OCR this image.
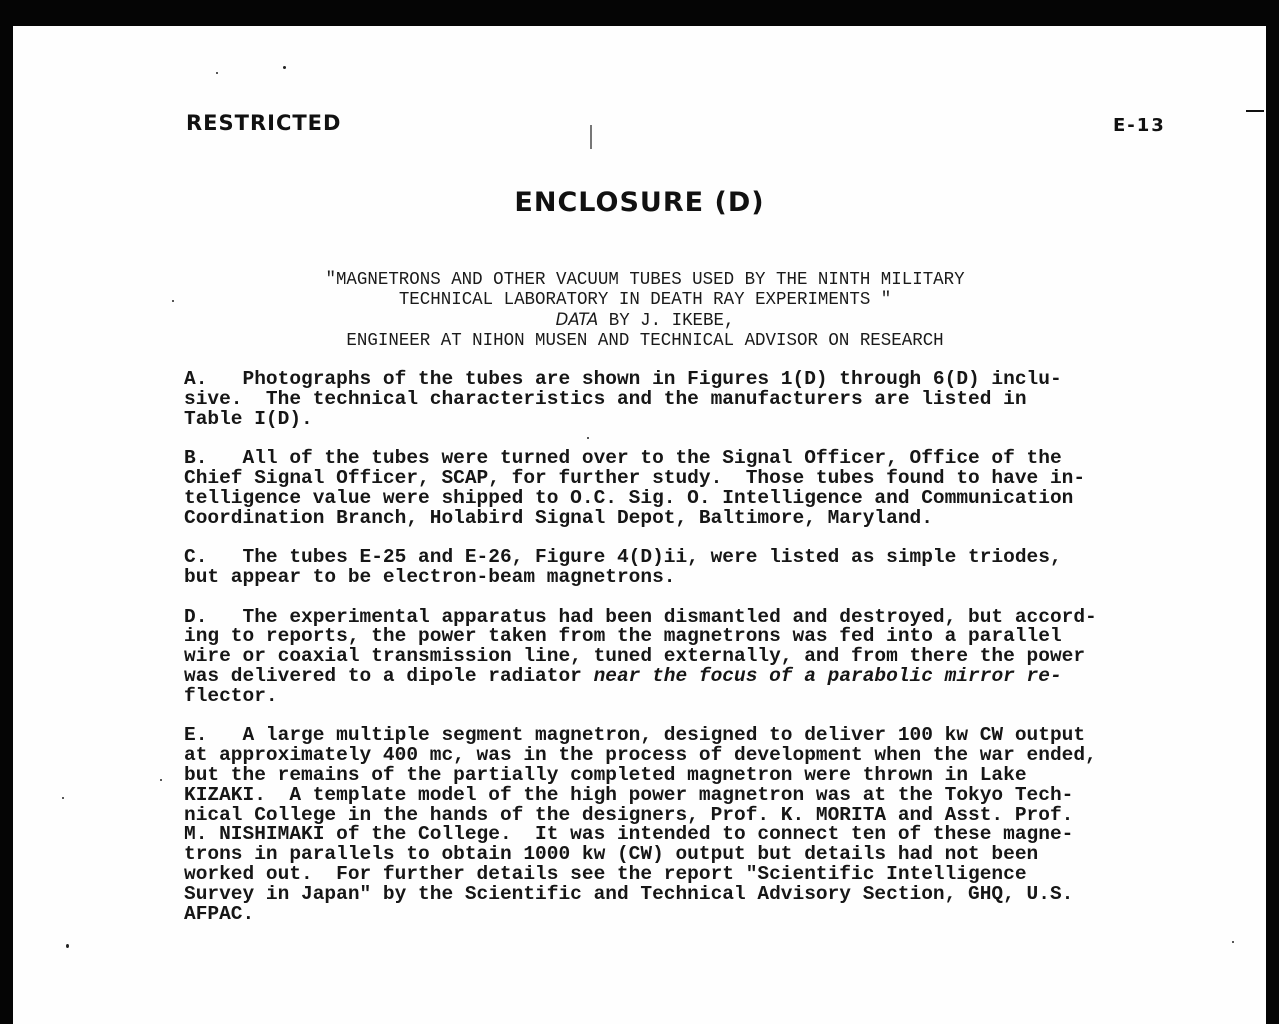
RESTRICTED	E-13
ENCLOSURE (D)
"MAGNETRONS AND OTHER VACUUM TUBES USED BY THE NINTH MILITARY
TECHNICAL LABORATORY IN DEATH RAY EXPERIMENTS "
DATA BY J. IKEBE,
ENGINEER AT NIHON MUSEN AND TECHNICAL ADVISOR ON RESEARCH
A.   Photographs of the tubes are shown in Figures 1(D) through 6(D) inclu-
sive.  The technical characteristics and the manufacturers are listed in
Table I(D).
B.   All of the tubes were turned over to the Signal Officer, Office of the
Chief Signal Officer, SCAP, for further study.  Those tubes found to have in-
telligence value were shipped to O.C. Sig. O. Intelligence and Communication
Coordination Branch, Holabird Signal Depot, Baltimore, Maryland.
C.   The tubes E-25 and E-26, Figure 4(D)ii, were listed as simple triodes,
but appear to be electron-beam magnetrons.
D.   The experimental apparatus had been dismantled and destroyed, but accord-
ing to reports, the power taken from the magnetrons was fed into a parallel
wire or coaxial transmission line, tuned externally, and from there the power
was delivered to a dipole radiator near the focus of a parabolic mirror re-
flector.
E.   A large multiple segment magnetron, designed to deliver 100 kw CW output
at approximately 400 mc, was in the process of development when the war ended,
but the remains of the partially completed magnetron were thrown in Lake
KIZAKI.  A template model of the high power magnetron was at the Tokyo Tech-
nical College in the hands of the designers, Prof. K. MORITA and Asst. Prof.
M. NISHIMAKI of the College.  It was intended to connect ten of these magne-
trons in parallels to obtain 1000 kw (CW) output but details had not been
worked out.  For further details see the report "Scientific Intelligence
Survey in Japan" by the Scientific and Technical Advisory Section, GHQ, U.S.
AFPAC.
